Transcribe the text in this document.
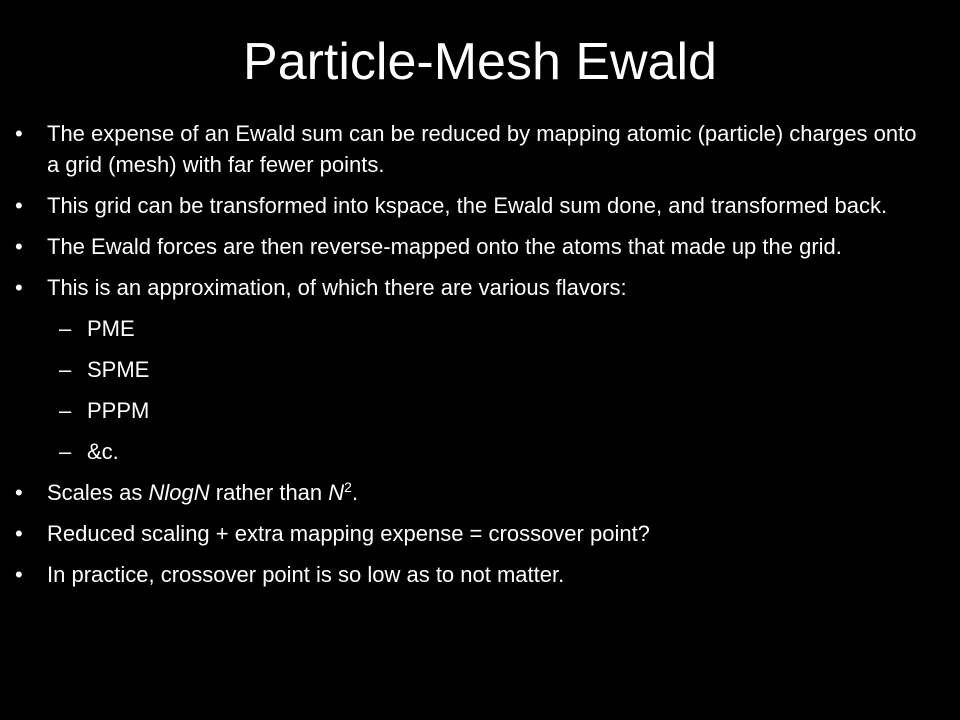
Particle-Mesh Ewald
• The expense of an Ewald sum can be reduced by mapping atomic (particle) charges onto a grid (mesh) with far fewer points.
• This grid can be transformed into kspace, the Ewald sum done, and transformed back.
• The Ewald forces are then reverse-mapped onto the atoms that made up the grid.
• This is an approximation, of which there are various flavors:
– PME
– SPME
– PPPM
– &c.
• Scales as NlogN rather than $N^2$.
• Reduced scaling + extra mapping expense = crossover point?
• In practice, crossover point is so low as to not matter.
